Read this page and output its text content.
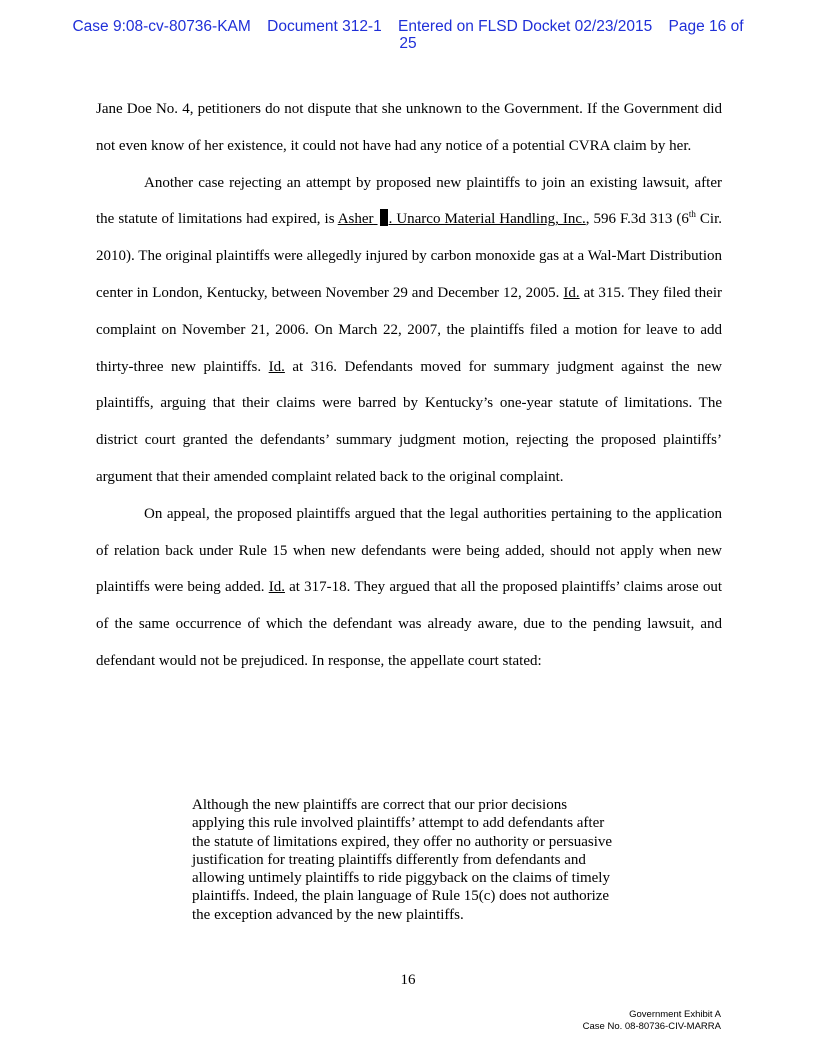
Case 9:08-cv-80736-KAM Document 312-1 Entered on FLSD Docket 02/23/2015 Page 16 of
25

Jane Doe No. 4, petitioners do not dispute that she unknown to the Government. If the Government did not even know of her existence, it could not have had any notice of a potential CVRA claim by her.

Another case rejecting an attempt by proposed new plaintiffs to join an existing lawsuit, after the statute of limitations had expired, is Asher . Unarco Material Handling, Inc., 596 F.3d 313 (6th Cir. 2010). The original plaintiffs were allegedly injured by carbon monoxide gas at a Wal-Mart Distribution center in London, Kentucky, between November 29 and December 12, 2005. Id. at 315. They filed their complaint on November 21, 2006. On March 22, 2007, the plaintiffs filed a motion for leave to add thirty-three new plaintiffs. Id. at 316. Defendants moved for summary judgment against the new plaintiffs, arguing that their claims were barred by Kentucky’s one-year statute of limitations. The district court granted the defendants’ summary judgment motion, rejecting the proposed plaintiffs’ argument that their amended complaint related back to the original complaint.

On appeal, the proposed plaintiffs argued that the legal authorities pertaining to the application of relation back under Rule 15 when new defendants were being added, should not apply when new plaintiffs were being added. Id. at 317-18. They argued that all the proposed plaintiffs’ claims arose out of the same occurrence of which the defendant was already aware, due to the pending lawsuit, and defendant would not be prejudiced. In response, the appellate court stated:

Although the new plaintiffs are correct that our prior decisions applying this rule involved plaintiffs’ attempt to add defendants after the statute of limitations expired, they offer no authority or persuasive justification for treating plaintiffs differently from defendants and allowing untimely plaintiffs to ride piggyback on the claims of timely plaintiffs. Indeed, the plain language of Rule 15(c) does not authorize the exception advanced by the new plaintiffs.

16
Government Exhibit A
Case No. 08-80736-CIV-MARRA
